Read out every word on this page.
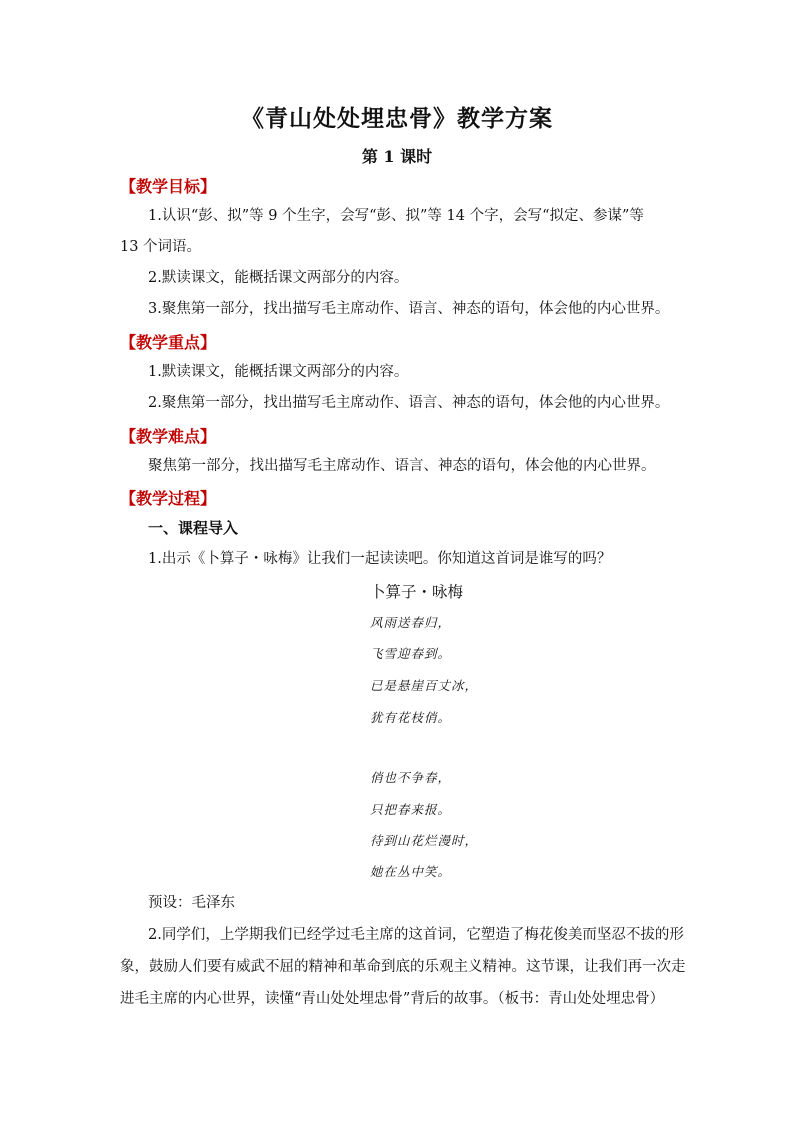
《青山处处埋忠骨》教学方案
第 1 课时
【教学目标】
1.认识“彭、拟”等 9 个生字，会写“彭、拟”等 14 个字，会写“拟定、参谋”等
13 个词语。
2.默读课文，能概括课文两部分的内容。
3.聚焦第一部分，找出描写毛主席动作、语言、神态的语句，体会他的内心世界。
【教学重点】
1.默读课文，能概括课文两部分的内容。
2.聚焦第一部分，找出描写毛主席动作、语言、神态的语句，体会他的内心世界。
【教学难点】
聚焦第一部分，找出描写毛主席动作、语言、神态的语句，体会他的内心世界。
【教学过程】
一、课程导入
1.出示《卜算子・咏梅》让我们一起读读吧。你知道这首词是谁写的吗？
卜算子・咏梅
风雨送春归，
飞雪迎春到。
已是悬崖百丈冰，
犹有花枝俏。
俏也不争春，
只把春来报。
待到山花烂漫时，
她在丛中笑。
预设：毛泽东
2.同学们，上学期我们已经学过毛主席的这首词，它塑造了梅花俊美而坚忍不拔的形
象，鼓励人们要有威武不屈的精神和革命到底的乐观主义精神。这节课，让我们再一次走
进毛主席的内心世界，读懂“青山处处埋忠骨”背后的故事。（板书：青山处处埋忠骨）
